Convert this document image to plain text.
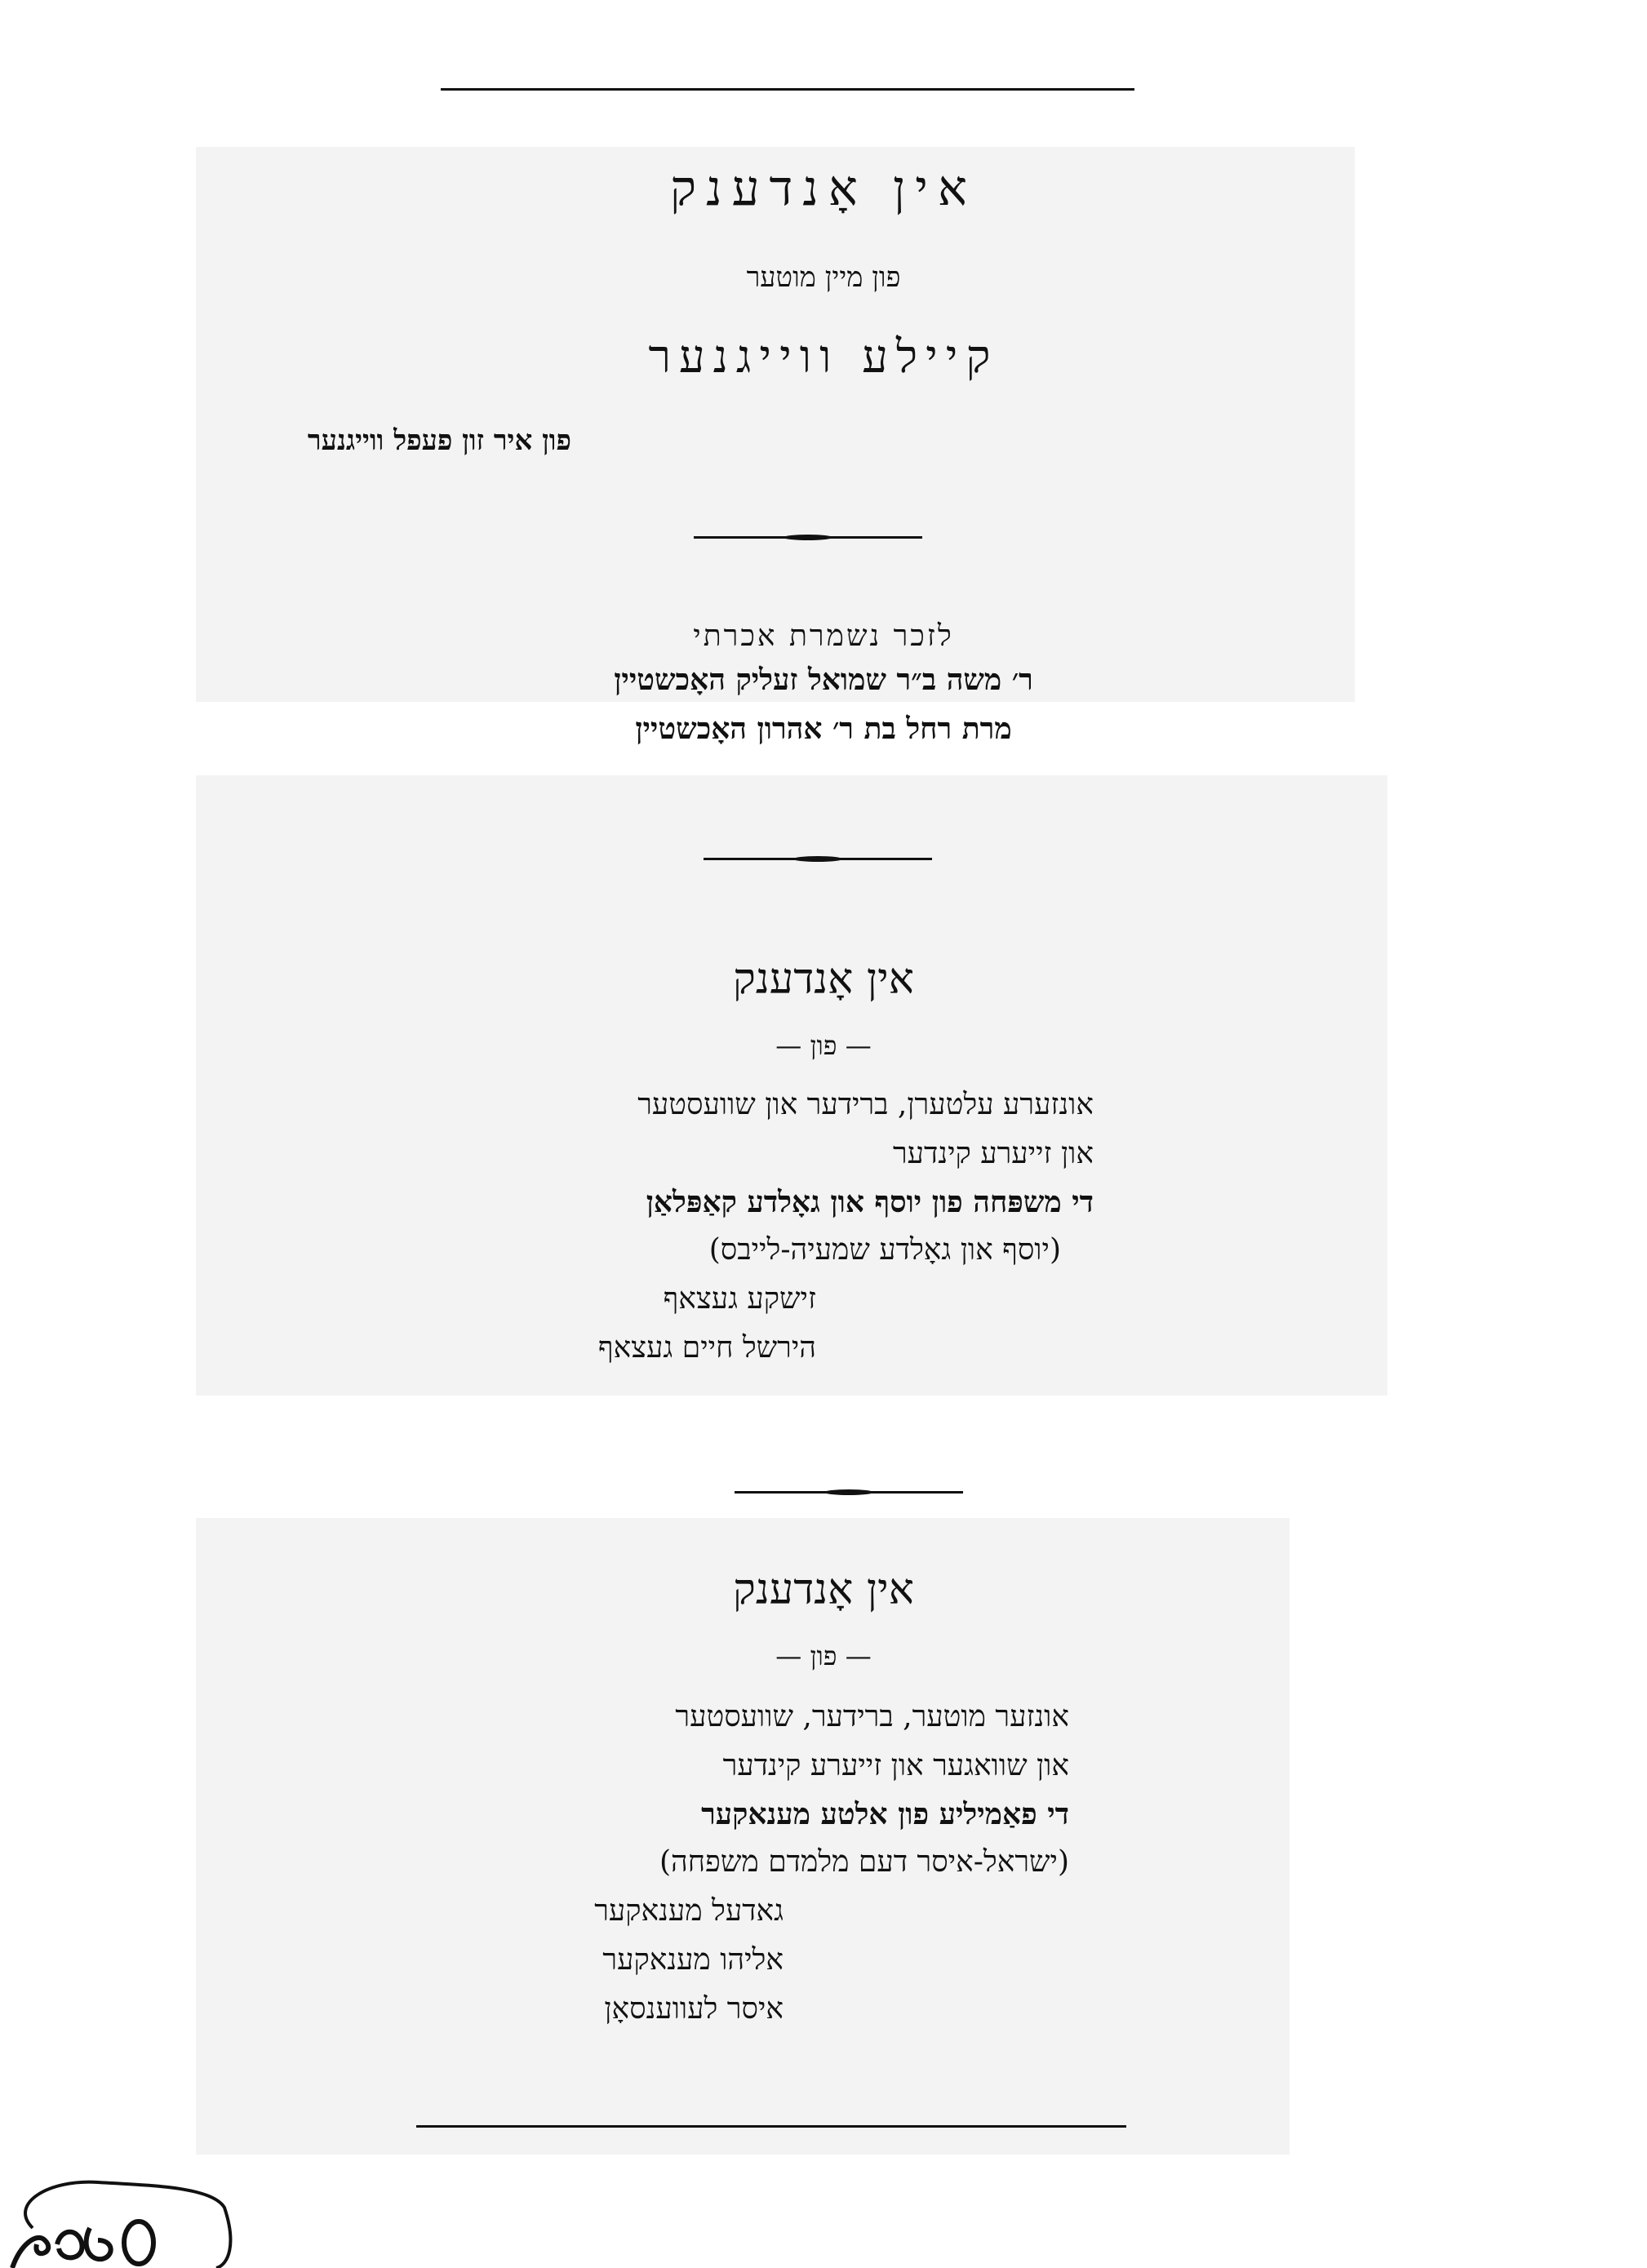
אין אָנדענק
פון מיין מוטער
קיילע ווייגנער
פון איר זון פעפל ווייגנער
לזכר נשמרת אכרתי
ר׳ משה ב״ר שמואל זעליק האָכשטיין
מרת רחל בת ר׳ אהרון האָכשטיין
אין אָנדענק
— פון —
אונזערע עלטערן, ברידער און שוועסטער
און זייערע קינדער
די משפּחה פון יוסף און גאָלדע קאַפּלאַן
(יוסף און גאָלדע שמעיה-לייבס)
זישקע געצאף
הירשל חיים געצאף
אין אָנדענק
— פון —
אונזער מוטער, ברידער, שוועסטער
און שוואגער און זייערע קינדער
די פאַמיליע פון אלטע מענאקער
(ישראל-איסר דעם מלמדם משפחה)
גאדעל מענאקער
אליהו מענאקער
איסר לעווענסאָן
